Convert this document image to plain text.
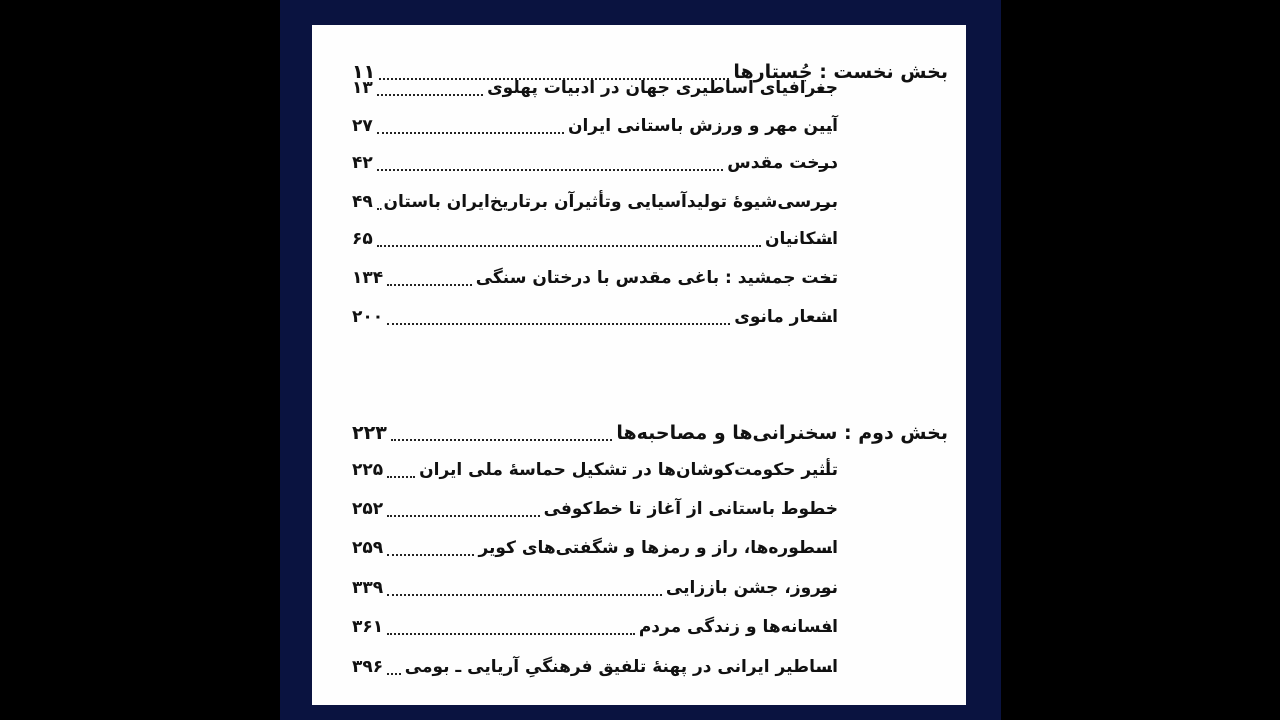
بخش نخست : جُستارها
۱۱
جغرافیای اساطیری جهان در ادبیات پهلوی
۱۳
آیین مهر و ورزش باستانی ایران
۲۷
درخت مقدس
۴۲
بررسی‌شیوهٔ تولیدآسیایی وتأثیرآن برتاریخ‌ایران باستان
۴۹
اشکانیان
۶۵
تخت جمشید : باغی مقدس با درختان سنگی
۱۳۴
اشعار مانوی
۲۰۰
بخش دوم : سخنرانی‌ها و مصاحبه‌ها
۲۲۳
تأثیر حکومت‌کوشان‌ها در تشکیل حماسهٔ ملی ایران
۲۲۵
خطوط باستانی از آغاز تا خط‌کوفی
۲۵۲
اسطوره‌ها، راز و رمزها و شگفتی‌های کویر
۲۵۹
نوروز، جشن باززایی
۳۳۹
افسانه‌ها و زندگی مردم
۳۶۱
اساطیر ایرانی در پهنهٔ تلفیق فرهنگیِ آریایی ـ بومی
۳۹۶
